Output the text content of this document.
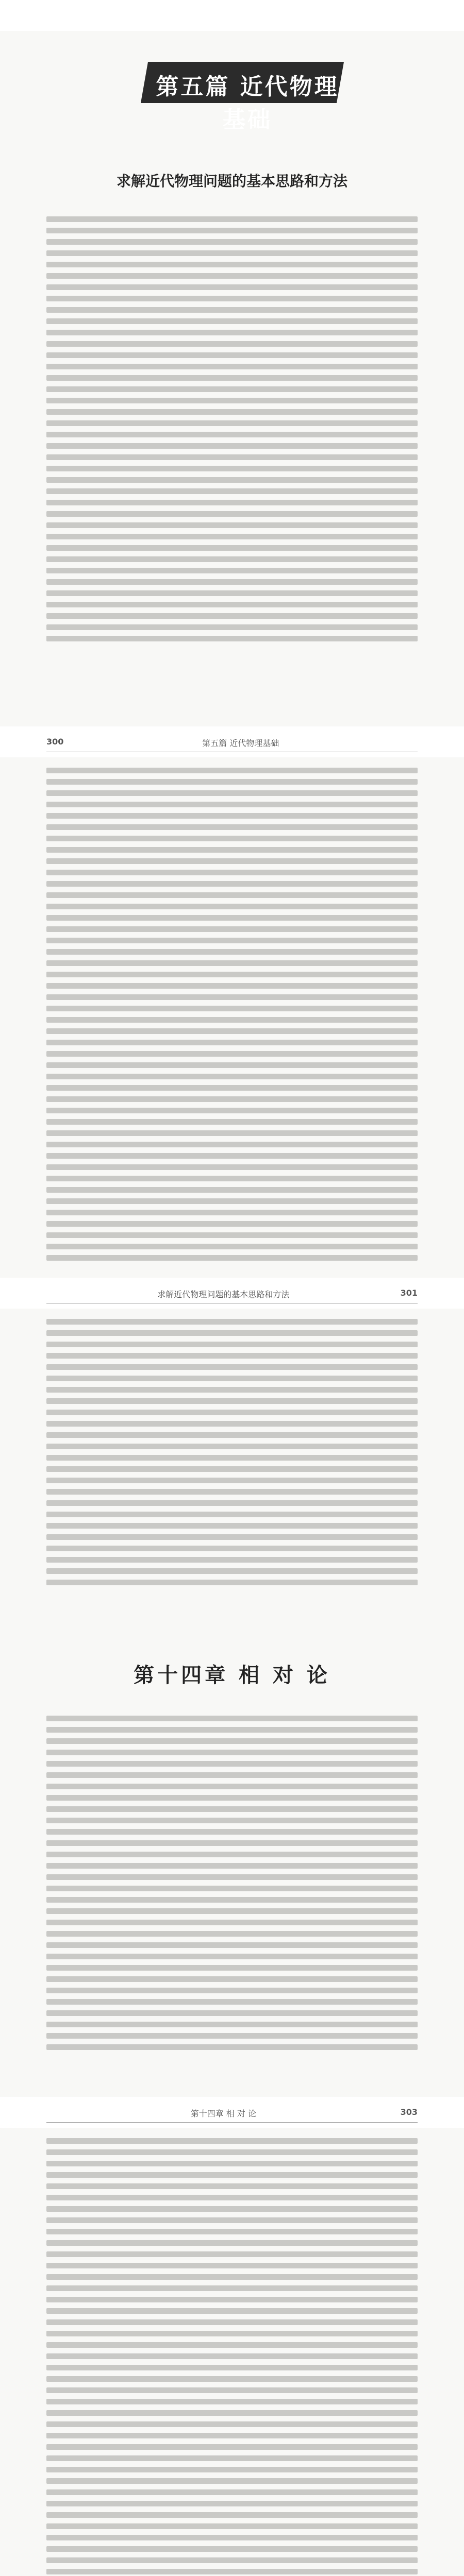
第五篇 近代物理基础
求解近代物理问题的基本思路和方法
300	第五篇 近代物理基础
301
求解近代物理问题的基本思路和方法
第十四章 相 对 论
303
第十四章 相 对 论
